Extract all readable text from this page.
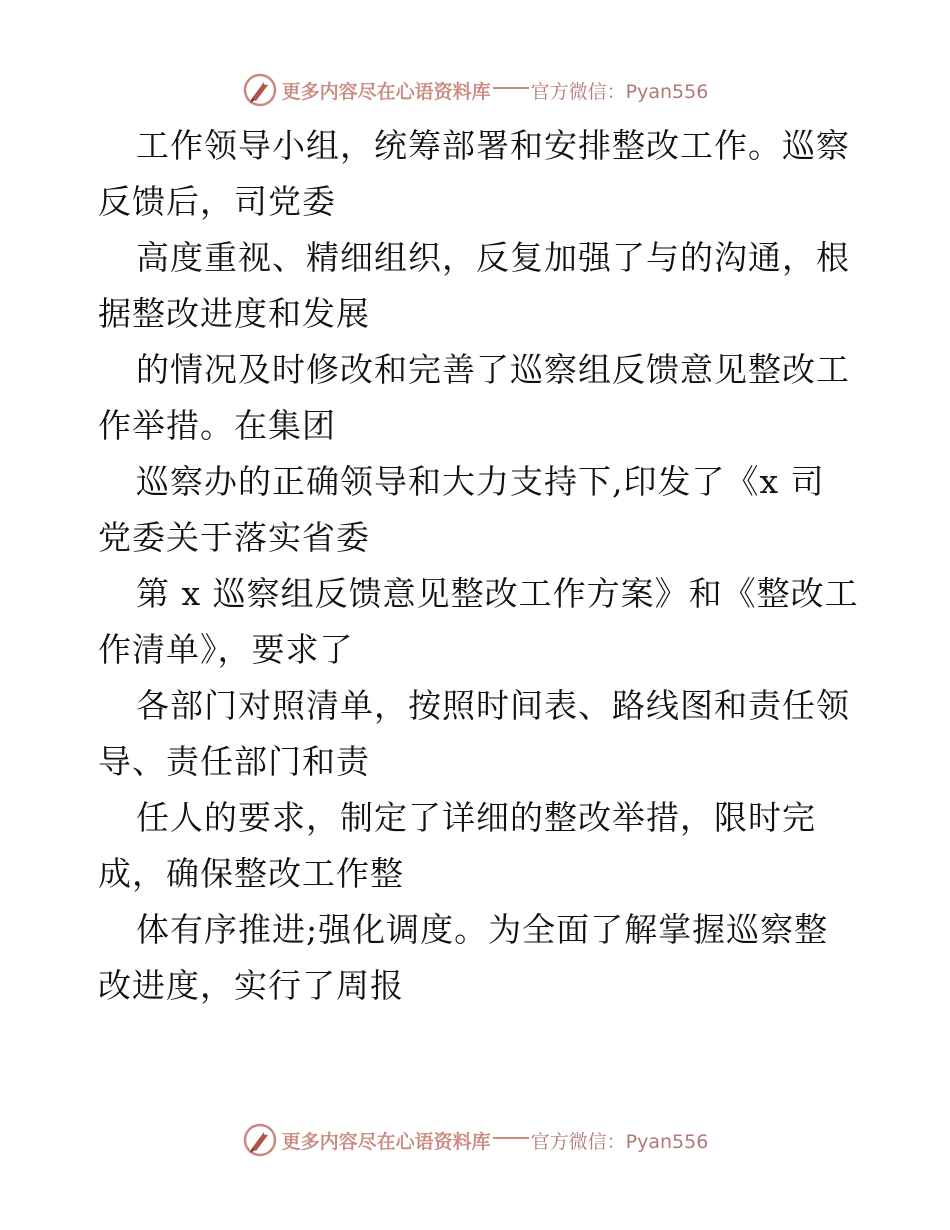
更多内容尽在心语资料库 官方微信：Pyan556

工作领导小组，统筹部署和安排整改工作。巡察
反馈后，司党委

高度重视、精细组织，反复加强了与的沟通，根
据整改进度和发展

的情况及时修改和完善了巡察组反馈意见整改工
作举措。在集团

巡察办的正确领导和大力支持下,印发了《x 司
党委关于落实省委

第 x 巡察组反馈意见整改工作方案》和《整改工
作清单》，要求了

各部门对照清单，按照时间表、路线图和责任领
导、责任部门和责

任人的要求，制定了详细的整改举措，限时完
成，确保整改工作整

体有序推进;强化调度。为全面了解掌握巡察整
改进度，实行了周报

更多内容尽在心语资料库 官方微信：Pyan556
